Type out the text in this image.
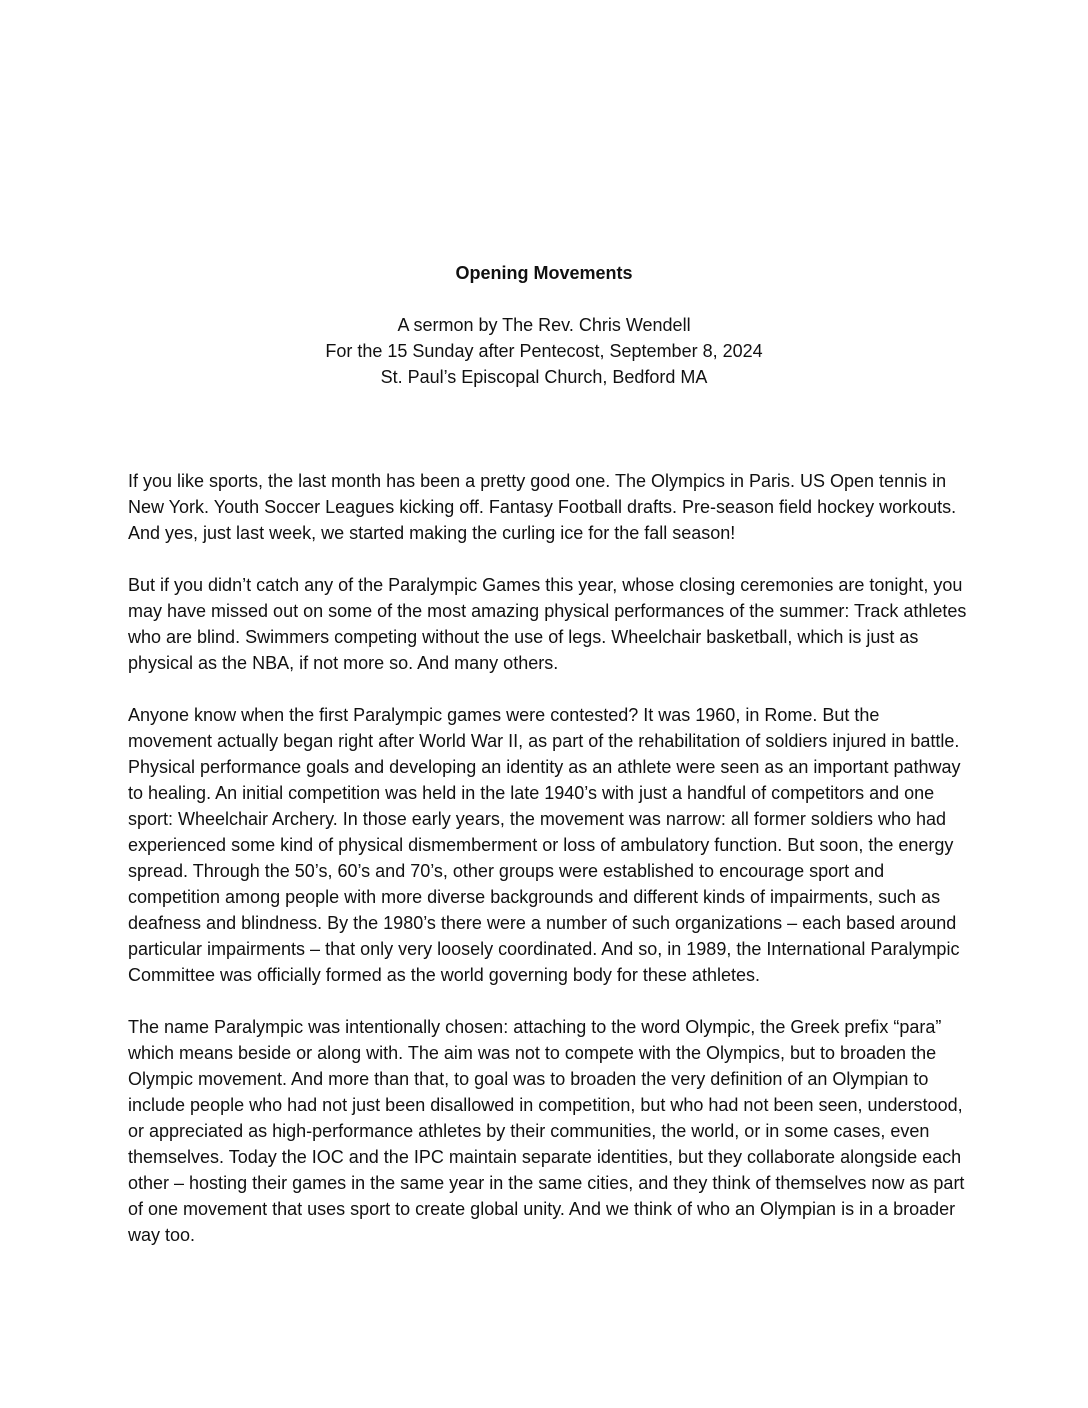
Opening Movements
A sermon by The Rev. Chris Wendell
For the 15 Sunday after Pentecost, September 8, 2024
St. Paul’s Episcopal Church, Bedford MA

If you like sports, the last month has been a pretty good one. The Olympics in Paris. US Open tennis in New York. Youth Soccer Leagues kicking off. Fantasy Football drafts. Pre-season field hockey workouts. And yes, just last week, we started making the curling ice for the fall season!

But if you didn’t catch any of the Paralympic Games this year, whose closing ceremonies are tonight, you may have missed out on some of the most amazing physical performances of the summer: Track athletes who are blind. Swimmers competing without the use of legs. Wheelchair basketball, which is just as physical as the NBA, if not more so. And many others.

Anyone know when the first Paralympic games were contested? It was 1960, in Rome. But the movement actually began right after World War II, as part of the rehabilitation of soldiers injured in battle. Physical performance goals and developing an identity as an athlete were seen as an important pathway to healing. An initial competition was held in the late 1940’s with just a handful of competitors and one sport: Wheelchair Archery. In those early years, the movement was narrow: all former soldiers who had experienced some kind of physical dismemberment or loss of ambulatory function. But soon, the energy spread. Through the 50’s, 60’s and 70’s, other groups were established to encourage sport and competition among people with more diverse backgrounds and different kinds of impairments, such as deafness and blindness. By the 1980’s there were a number of such organizations – each based around particular impairments – that only very loosely coordinated. And so, in 1989, the International Paralympic Committee was officially formed as the world governing body for these athletes.

The name Paralympic was intentionally chosen: attaching to the word Olympic, the Greek prefix “para” which means beside or along with. The aim was not to compete with the Olympics, but to broaden the Olympic movement. And more than that, to goal was to broaden the very definition of an Olympian to include people who had not just been disallowed in competition, but who had not been seen, understood, or appreciated as high-performance athletes by their communities, the world, or in some cases, even themselves. Today the IOC and the IPC maintain separate identities, but they collaborate alongside each other – hosting their games in the same year in the same cities, and they think of themselves now as part of one movement that uses sport to create global unity. And we think of who an Olympian is in a broader way too.
